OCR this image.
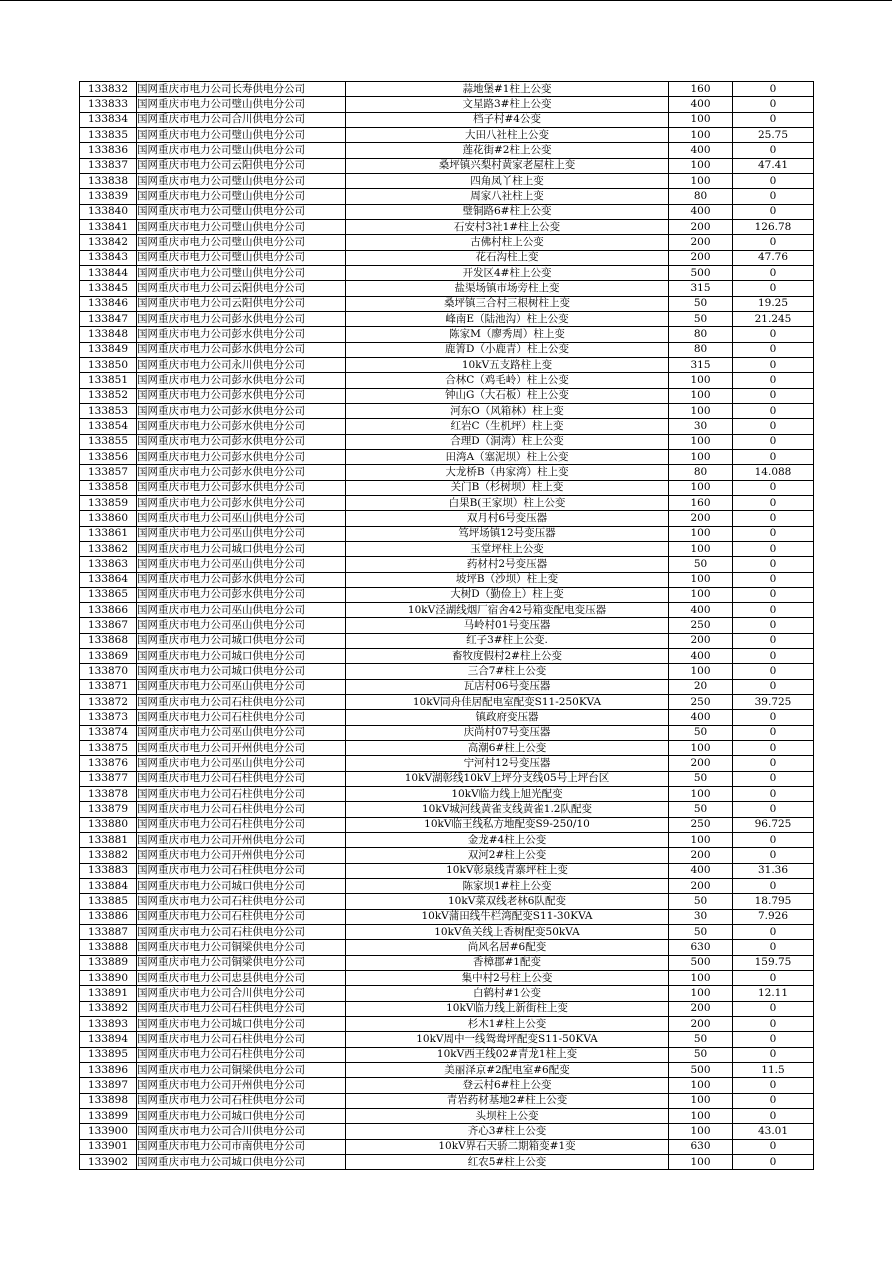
133832	国网重庆市电力公司长寿供电分公司	蒜地堡#1柱上公变	160	0
133833	国网重庆市电力公司璧山供电分公司	文星路3#柱上公变	400	0
133834	国网重庆市电力公司合川供电分公司	档子村#4公变	100	0
133835	国网重庆市电力公司璧山供电分公司	大田八社柱上公变	100	25.75
133836	国网重庆市电力公司璧山供电分公司	莲花街#2柱上公变	400	0
133837	国网重庆市电力公司云阳供电分公司	桑坪镇兴梨村黄家老屋柱上变	100	47.41
133838	国网重庆市电力公司璧山供电分公司	四角凤丫柱上变	100	0
133839	国网重庆市电力公司璧山供电分公司	周家八社柱上变	80	0
133840	国网重庆市电力公司璧山供电分公司	璧铜路6#柱上公变	400	0
133841	国网重庆市电力公司璧山供电分公司	石安村3社1#柱上公变	200	126.78
133842	国网重庆市电力公司璧山供电分公司	古佛村柱上公变	200	0
133843	国网重庆市电力公司璧山供电分公司	花石沟柱上变	200	47.76
133844	国网重庆市电力公司璧山供电分公司	开发区4#柱上公变	500	0
133845	国网重庆市电力公司云阳供电分公司	盐渠场镇市场旁柱上变	315	0
133846	国网重庆市电力公司云阳供电分公司	桑坪镇三合村三根树柱上变	50	19.25
133847	国网重庆市电力公司彭水供电分公司	峰南E（陆池沟）柱上公变	50	21.245
133848	国网重庆市电力公司彭水供电分公司	陈家M（廖秀周）柱上变	80	0
133849	国网重庆市电力公司彭水供电分公司	鹿箐D（小鹿青）柱上公变	80	0
133850	国网重庆市电力公司永川供电分公司	10kV五支路柱上变	315	0
133851	国网重庆市电力公司彭水供电分公司	合林C（鸡毛岭）柱上公变	100	0
133852	国网重庆市电力公司彭水供电分公司	钟山G（大石板）柱上公变	100	0
133853	国网重庆市电力公司彭水供电分公司	河东O（风箱林）柱上变	100	0
133854	国网重庆市电力公司彭水供电分公司	红岩C（生机坪）柱上变	30	0
133855	国网重庆市电力公司彭水供电分公司	合理D（洞湾）柱上公变	100	0
133856	国网重庆市电力公司彭水供电分公司	田湾A（塞泥坝）柱上公变	100	0
133857	国网重庆市电力公司彭水供电分公司	大龙桥B（冉家湾）柱上变	80	14.088
133858	国网重庆市电力公司彭水供电分公司	关门B（杉树坝）柱上变	100	0
133859	国网重庆市电力公司彭水供电分公司	白果B(王家坝）柱上公变	160	0
133860	国网重庆市电力公司巫山供电分公司	双月村6号变压器	200	0
133861	国网重庆市电力公司巫山供电分公司	笃坪场镇12号变压器	100	0
133862	国网重庆市电力公司城口供电分公司	玉堂坪柱上公变	100	0
133863	国网重庆市电力公司巫山供电分公司	药材村2号变压器	50	0
133864	国网重庆市电力公司彭水供电分公司	坡坪B（沙坝）柱上变	100	0
133865	国网重庆市电力公司彭水供电分公司	大树D（勤俭上）柱上变	100	0
133866	国网重庆市电力公司巫山供电分公司	10kV泾湖线烟厂宿舍42号箱变配电变压器	400	0
133867	国网重庆市电力公司巫山供电分公司	马岭村01号变压器	250	0
133868	国网重庆市电力公司城口供电分公司	红子3#柱上公变.	200	0
133869	国网重庆市电力公司城口供电分公司	畜牧度假村2#柱上公变	400	0
133870	国网重庆市电力公司城口供电分公司	三合7#柱上公变	100	0
133871	国网重庆市电力公司巫山供电分公司	瓦店村06号变压器	20	0
133872	国网重庆市电力公司石柱供电分公司	10kV同舟佳居配电室配变S11-250KVA	250	39.725
133873	国网重庆市电力公司石柱供电分公司	镇政府变压器	400	0
133874	国网重庆市电力公司巫山供电分公司	庆尚村07号变压器	50	0
133875	国网重庆市电力公司开州供电分公司	高潮6#柱上公变	100	0
133876	国网重庆市电力公司巫山供电分公司	宁河村12号变压器	200	0
133877	国网重庆市电力公司石柱供电分公司	10kV湖彰线10kV上坪分支线05号上坪台区	50	0
133878	国网重庆市电力公司石柱供电分公司	10kV临力线上旭光配变	100	0
133879	国网重庆市电力公司石柱供电分公司	10kV城河线黄雀支线黄雀1.2队配变	50	0
133880	国网重庆市电力公司石柱供电分公司	10kV临王线私方地配变S9-250/10	250	96.725
133881	国网重庆市电力公司开州供电分公司	金龙#4柱上公变	100	0
133882	国网重庆市电力公司开州供电分公司	双河2#柱上公变	200	0
133883	国网重庆市电力公司石柱供电分公司	10kV彰泉线青寨坪柱上变	400	31.36
133884	国网重庆市电力公司城口供电分公司	陈家坝1#柱上公变	200	0
133885	国网重庆市电力公司石柱供电分公司	10kV菜双线老林6队配变	50	18.795
133886	国网重庆市电力公司石柱供电分公司	10kV蒲田线牛栏湾配变S11-30KVA	30	7.926
133887	国网重庆市电力公司石柱供电分公司	10kV鱼关线上香树配变50kVA	50	0
133888	国网重庆市电力公司铜梁供电分公司	尚风名居#6配变	630	0
133889	国网重庆市电力公司铜梁供电分公司	香樟郡#1配变	500	159.75
133890	国网重庆市电力公司忠县供电分公司	集中村2号柱上公变	100	0
133891	国网重庆市电力公司合川供电分公司	白鹤村#1公变	100	12.11
133892	国网重庆市电力公司石柱供电分公司	10kV临力线上新街柱上变	200	0
133893	国网重庆市电力公司城口供电分公司	杉木1#柱上公变	200	0
133894	国网重庆市电力公司石柱供电分公司	10kV周中一线鸳鸯坪配变S11-50KVA	50	0
133895	国网重庆市电力公司石柱供电分公司	10kV西王线02#青龙1柱上变	50	0
133896	国网重庆市电力公司铜梁供电分公司	美丽泽京#2配电室#6配变	500	11.5
133897	国网重庆市电力公司开州供电分公司	登云村6#柱上公变	100	0
133898	国网重庆市电力公司石柱供电分公司	青岩药材基地2#柱上公变	100	0
133899	国网重庆市电力公司城口供电分公司	头坝柱上公变	100	0
133900	国网重庆市电力公司合川供电分公司	齐心3#柱上公变	100	43.01
133901	国网重庆市电力公司市南供电分公司	10kV界石天骄二期箱变#1变	630	0
133902	国网重庆市电力公司城口供电分公司	红农5#柱上公变	100	0
